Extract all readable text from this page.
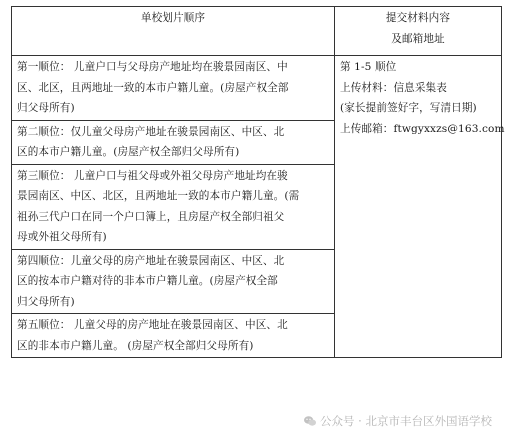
单校划片顺序	提交材料内容
及邮箱地址

第一顺位： 儿童户口与父母房产地址均在骏景园南区、中
区、北区，且两地址一致的本市户籍儿童。(房屋产权全部
归父母所有)	第 1-5 顺位
上传材料：信息采集表
(家长提前签好字，写清日期)
上传邮箱：ftwgyxxzs@163.com

第二顺位：仅儿童父母房产地址在骏景园南区、中区、北
区的本市户籍儿童。(房屋产权全部归父母所有)	

第三顺位： 儿童户口与祖父母或外祖父母房产地址均在骏
景园南区、中区、北区，且两地址一致的本市户籍儿童。(需
祖孙三代户口在同一个户口簿上，且房屋产权全部归祖父
母或外祖父母所有)	

第四顺位：儿童父母的房产地址在骏景园南区、中区、北
区的按本市户籍对待的非本市户籍儿童。(房屋产权全部
归父母所有)	

第五顺位： 儿童父母的房产地址在骏景园南区、中区、北
区的非本市户籍儿童。 (房屋产权全部归父母所有)	
公众号 · 北京市丰台区外国语学校
